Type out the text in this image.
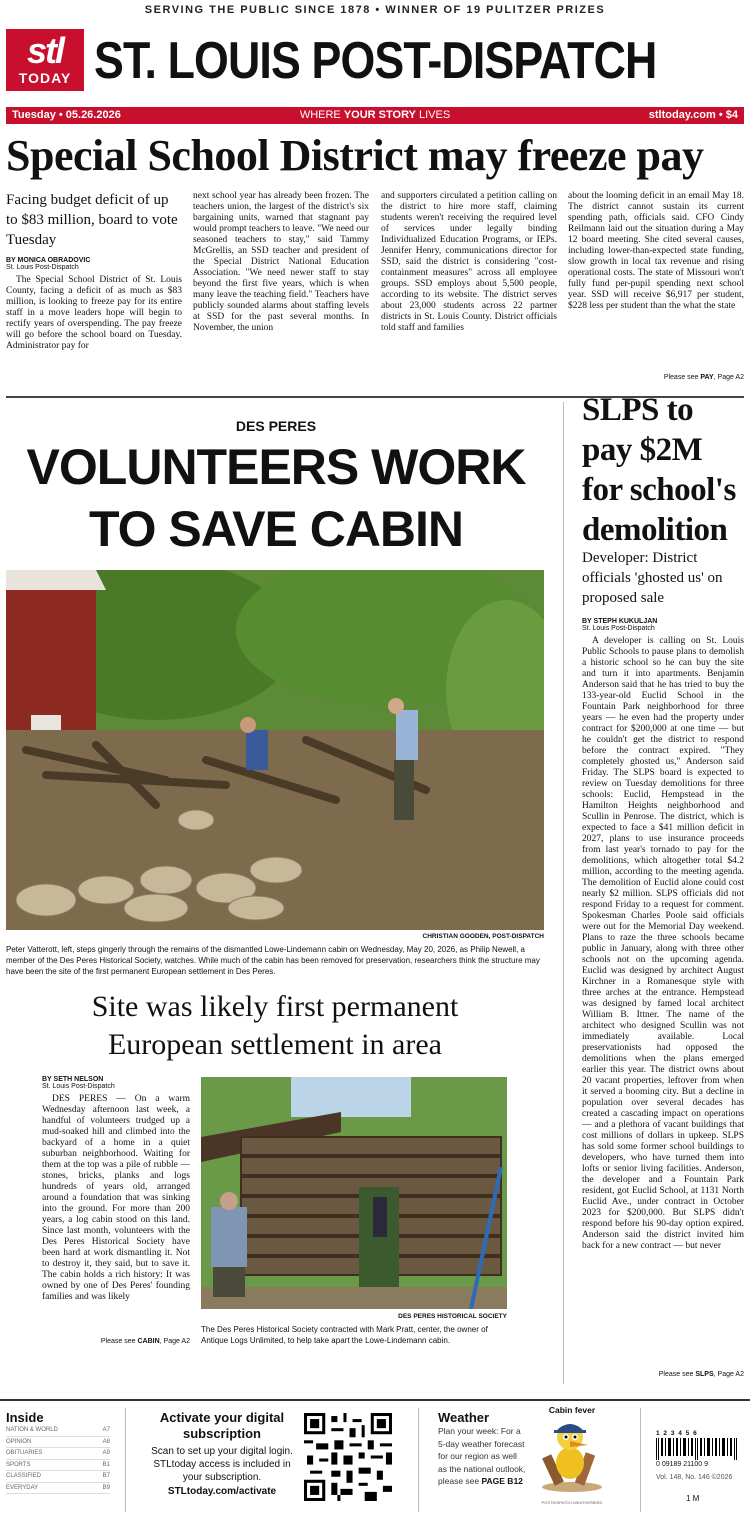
SERVING THE PUBLIC SINCE 1878 • WINNER OF 19 PULITZER PRIZES
stl
TODAY ST. LOUIS POST-DISPATCH
Tuesday • 05.26.2026	WHERE YOUR STORY LIVES	stltoday.com • $4
Special School District may freeze pay
Facing budget deficit of up to $83 million, board to vote Tuesday
BY MONICA OBRADOVIC
St. Louis Post-Dispatch

The Special School District of St. Louis County, facing a deficit of as much as $83 million, is looking to freeze pay for its entire staff in a move leaders hope will begin to rectify years of overspending. The pay freeze will go before the school board on Tuesday. Administrator pay for

next school year has already been frozen. The teachers union, the largest of the district's six bargaining units, warned that stagnant pay would prompt teachers to leave. "We need our seasoned teachers to stay," said Tammy McGrellis, an SSD teacher and president of the Special District National Education Association. "We need newer staff to stay beyond the first five years, which is when many leave the teaching field." Teachers have publicly sounded alarms about staffing levels at SSD for the past several months. In November, the union

and supporters circulated a petition calling on the district to hire more staff, claiming students weren't receiving the required level of services under legally binding Individualized Education Programs, or IEPs. Jennifer Henry, communications director for SSD, said the district is considering "cost-containment measures" across all employee groups. SSD employs about 5,500 people, according to its website. The district serves about 23,000 students across 22 partner districts in St. Louis County. District officials told staff and families

about the looming deficit in an email May 18. The district cannot sustain its current spending path, officials said. CFO Cindy Reilmann laid out the situation during a May 12 board meeting. She cited several causes, including lower-than-expected state funding, slow growth in local tax revenue and rising operational costs. The state of Missouri won't fully fund per-pupil spending next school year. SSD will receive $6,917 per student, $228 less per student than the what the state

Please see PAY, Page A2
DES PERES
VOLUNTEERS WORK
TO SAVE CABIN
CHRISTIAN GOODEN, POST-DISPATCH
Peter Vatterott, left, steps gingerly through the remains of the dismantled Lowe-Lindemann cabin on Wednesday, May 20, 2026, as Philip Newell, a member of the Des Peres Historical Society, watches. While much of the cabin has been removed for preservation, researchers think the structure may have been the site of the first permanent European settlement in Des Peres.
Site was likely first permanent European settlement in area
BY SETH NELSON
St. Louis Post-Dispatch

DES PERES — On a warm Wednesday afternoon last week, a handful of volunteers trudged up a mud-soaked hill and climbed into the backyard of a home in a quiet suburban neighborhood. Waiting for them at the top was a pile of rubble — stones, bricks, planks and logs hundreds of years old, arranged around a foundation that was sinking into the ground. For more than 200 years, a log cabin stood on this land. Since last month, volunteers with the Des Peres Historical Society have been hard at work dismantling it. Not to destroy it, they said, but to save it. The cabin holds a rich history: It was owned by one of Des Peres' founding families and was likely

Please see CABIN, Page A2
DES PERES HISTORICAL SOCIETY
The Des Peres Historical Society contracted with Mark Pratt, center, the owner of Antique Logs Unlimited, to help take apart the Lowe-Lindemann cabin.
SLPS to pay $2M for school's demolition
Developer: District officials 'ghosted us' on proposed sale
BY STEPH KUKULJAN
St. Louis Post-Dispatch

A developer is calling on St. Louis Public Schools to pause plans to demolish a historic school so he can buy the site and turn it into apartments. Benjamin Anderson said that he has tried to buy the 133-year-old Euclid School in the Fountain Park neighborhood for three years — he even had the property under contract for $200,000 at one time — but he couldn't get the district to respond before the contract expired. "They completely ghosted us," Anderson said Friday. The SLPS board is expected to review on Tuesday demolitions for three schools: Euclid, Hempstead in the Hamilton Heights neighborhood and Scullin in Penrose. The district, which is expected to face a $41 million deficit in 2027, plans to use insurance proceeds from last year's tornado to pay for the demolitions, which altogether total $4.2 million, according to the meeting agenda. The demolition of Euclid alone could cost nearly $2 million. SLPS officials did not respond Friday to a request for comment. Spokesman Charles Poole said officials were out for the Memorial Day weekend. Plans to raze the three schools became public in January, along with three other schools not on the upcoming agenda. Euclid was designed by architect August Kirchner in a Romanesque style with three arches at the entrance. Hempstead was designed by famed local architect William B. Ittner. The name of the architect who designed Scullin was not immediately available. Local preservationists had opposed the demolitions when the plans emerged earlier this year. The district owns about 20 vacant properties, leftover from when it served a booming city. But a decline in population over several decades has created a cascading impact on operations — and a plethora of vacant buildings that cost millions of dollars in upkeep. SLPS has sold some former school buildings to developers, who have turned them into lofts or senior living facilities. Anderson, the developer and a Fountain Park resident, got Euclid School, at 1131 North Euclid Ave., under contract in October 2023 for $200,000. But SLPS didn't respond before his 90-day option expired. Anderson said the district invited him back for a new contract — but never

Please see SLPS, Page A2
Inside
NATION & WORLD	A7
OPINION	A8
OBITUARIES	A9
SPORTS	B1
CLASSIFIED	B7
EVERYDAY	B9
Activate your digital subscription

Scan to set up your digital login. STLtoday access is included in your subscription.

STLtoday.com/activate
Weather

Plan your week: For a 5-day weather forecast for our region as well as the national outlook, please see PAGE B12

Cabin fever
POSTDISPATCH.WEATHERBIRD
1 2 3 4 5 6
0 09189 21100 9
Vol. 148, No. 146 ©2026
1 M
